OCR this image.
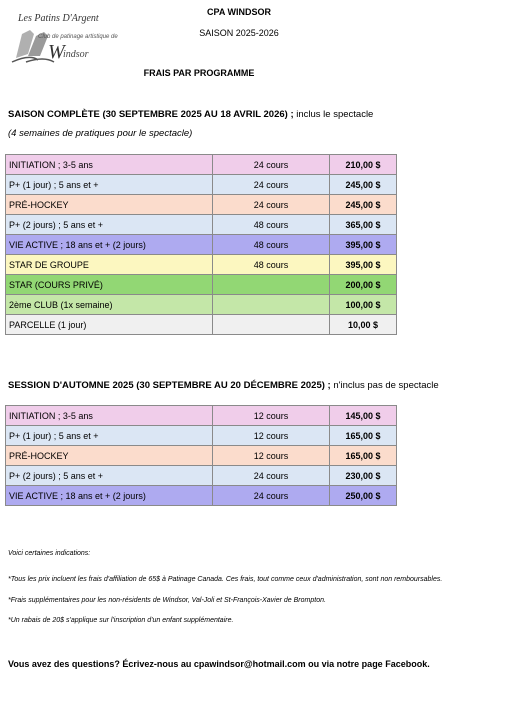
Les Patins D'Argent
W
Club de patinage artistique de
indsor
CPA WINDSOR
SAISON 2025-2026
FRAIS PAR PROGRAMME
SAISON COMPLÈTE (30 SEPTEMBRE 2025 AU 18 AVRIL 2026) ; inclus le spectacle
(4 semaines de pratiques pour le spectacle)
INITIATION ; 3-5 ans	24 cours	210,00 $
P+ (1 jour) ; 5 ans et +	24 cours	245,00 $
PRÉ-HOCKEY	24 cours	245,00 $
P+ (2 jours) ; 5 ans et +	48 cours	365,00 $
VIE ACTIVE ; 18 ans et + (2 jours)	48 cours	395,00 $
STAR DE GROUPE	48 cours	395,00 $
STAR (COURS PRIVÉ)		200,00 $
2ème CLUB (1x semaine)		100,00 $
PARCELLE (1 jour)		10,00 $
SESSION D'AUTOMNE 2025 (30 SEPTEMBRE AU 20 DÉCEMBRE 2025) ; n'inclus pas de spectacle
INITIATION ; 3-5 ans	12 cours	145,00 $
P+ (1 jour) ; 5 ans et +	12 cours	165,00 $
PRÉ-HOCKEY	12 cours	165,00 $
P+ (2 jours) ; 5 ans et +	24 cours	230,00 $
VIE ACTIVE ; 18 ans et + (2 jours)	24 cours	250,00 $
Voici certaines indications:
*Tous les prix incluent les frais d'affiliation de 65$ à Patinage Canada. Ces frais, tout comme ceux d'administration, sont non remboursables.
*Frais supplémentaires pour les non-résidents de Windsor, Val-Joli et St-François-Xavier de Brompton.
*Un rabais de 20$ s'applique sur l'inscription d'un enfant supplémentaire.
Vous avez des questions? Écrivez-nous au cpawindsor@hotmail.com ou via notre page Facebook.
